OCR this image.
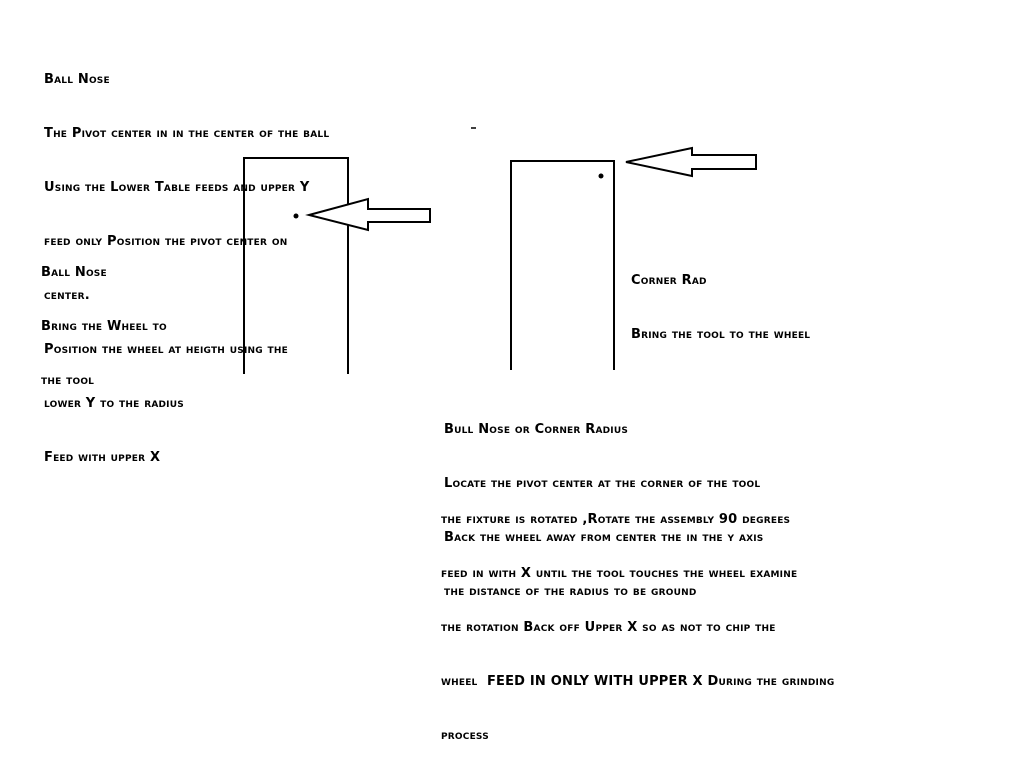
Ball Nose

The Pivot center in in the center of the ball

Using the Lower Table feeds and upper Y

feed only Position the pivot center on

center.

Position the wheel at heigth using the

lower Y to the radius

Feed with upper X

Ball Nose

Bring the Wheel to

the tool

Corner Rad

Bring the tool to the wheel

Bull Nose or Corner Radius

Locate the pivot center at the corner of the tool

Back the wheel away from center the in the y axis

the distance of the radius to be ground

the fixture is rotated ,Rotate the assembly 90 degrees

feed in with X until the tool touches the wheel examine

the rotation Back off Upper X so as not to chip the

wheel  FEED IN ONLY WITH UPPER X During the grinding

process
